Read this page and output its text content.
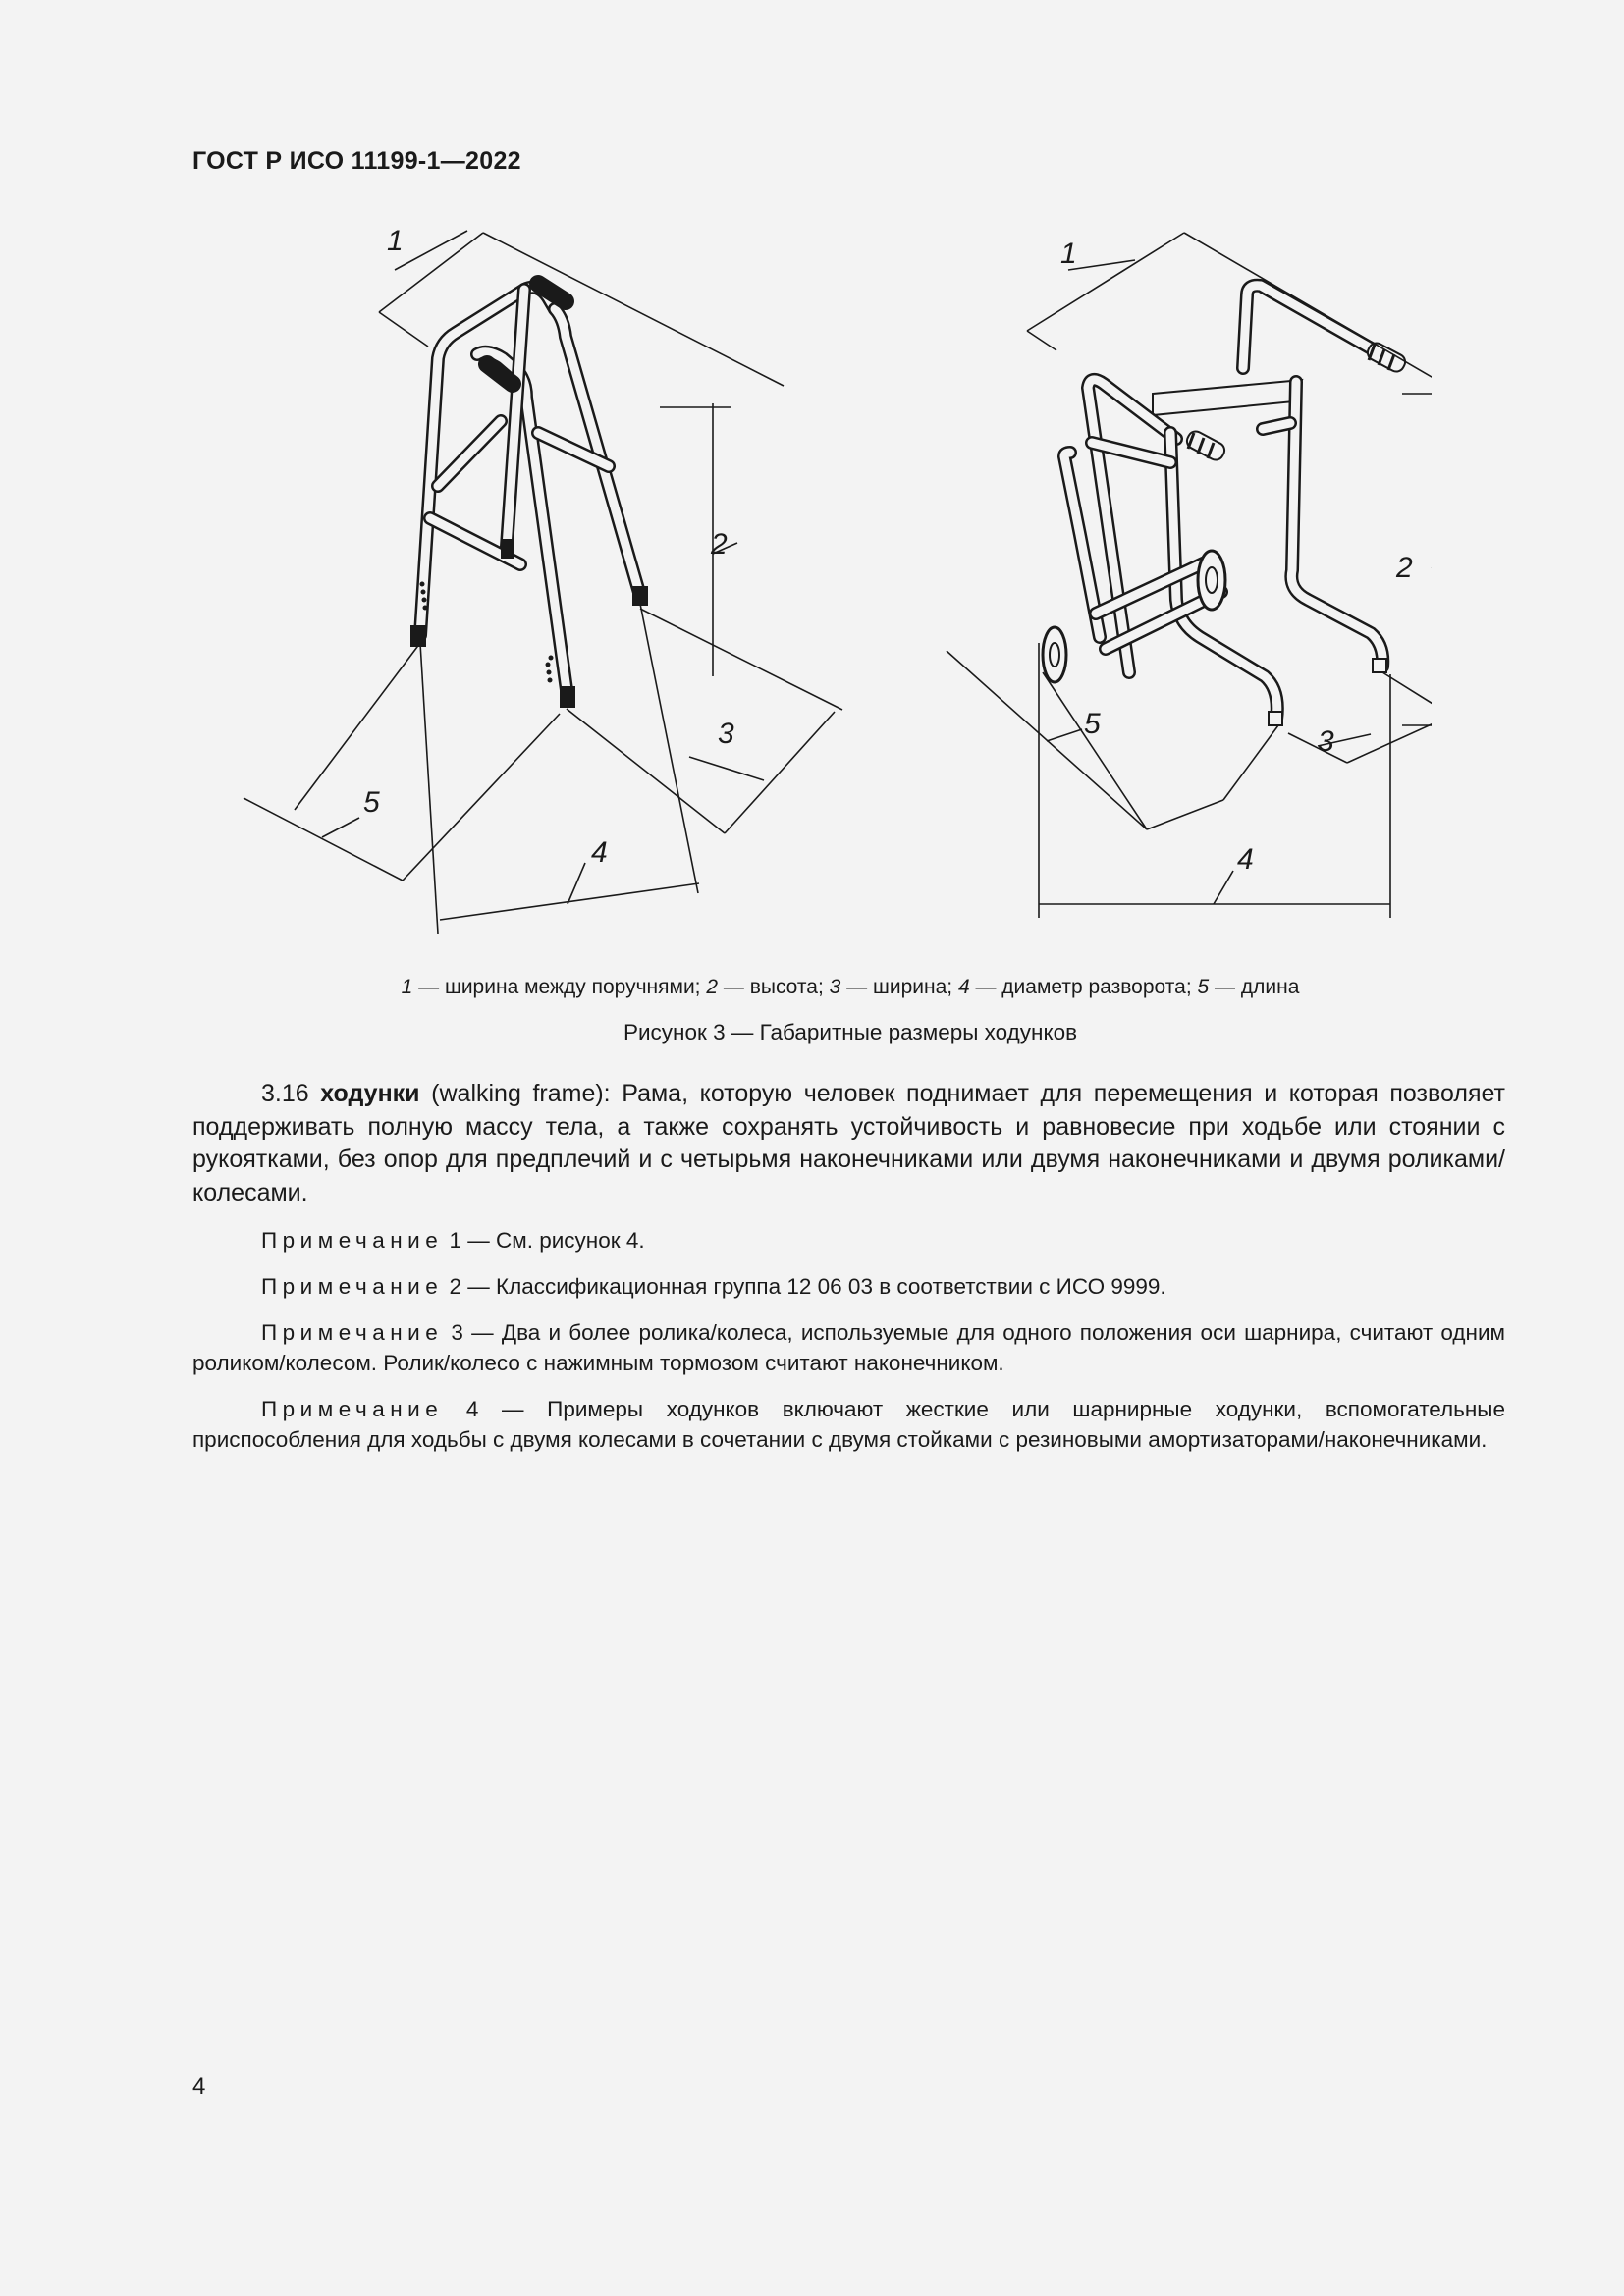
ГОСТ Р ИСО 11199-1—2022
1
2
3
4
5
1
2
3
4
5
1 — ширина между поручнями; 2 — высота; 3 — ширина; 4 — диаметр разворота; 5 — длина
Рисунок 3 — Габаритные размеры ходунков

3.16 ходунки (walking frame): Рама, которую человек поднимает для перемещения и которая позволяет поддерживать полную массу тела, а также сохранять устойчивость и равновесие при ходьбе или стоянии с рукоятками, без опор для предплечий и с четырьмя наконечниками или двумя наконечниками и двумя роликами/колесами.

Примечание 1 — См. рисунок 4.

Примечание 2 — Классификационная группа 12 06 03 в соответствии с ИСО 9999.

Примечание 3 — Два и более ролика/колеса, используемые для одного положения оси шарнира, считают одним роликом/колесом. Ролик/колесо с нажимным тормозом считают наконечником.

Примечание 4 — Примеры ходунков включают жесткие или шарнирные ходунки, вспомогательные приспособления для ходьбы с двумя колесами в сочетании с двумя стойками с резиновыми амортизаторами/наконечниками.

4
